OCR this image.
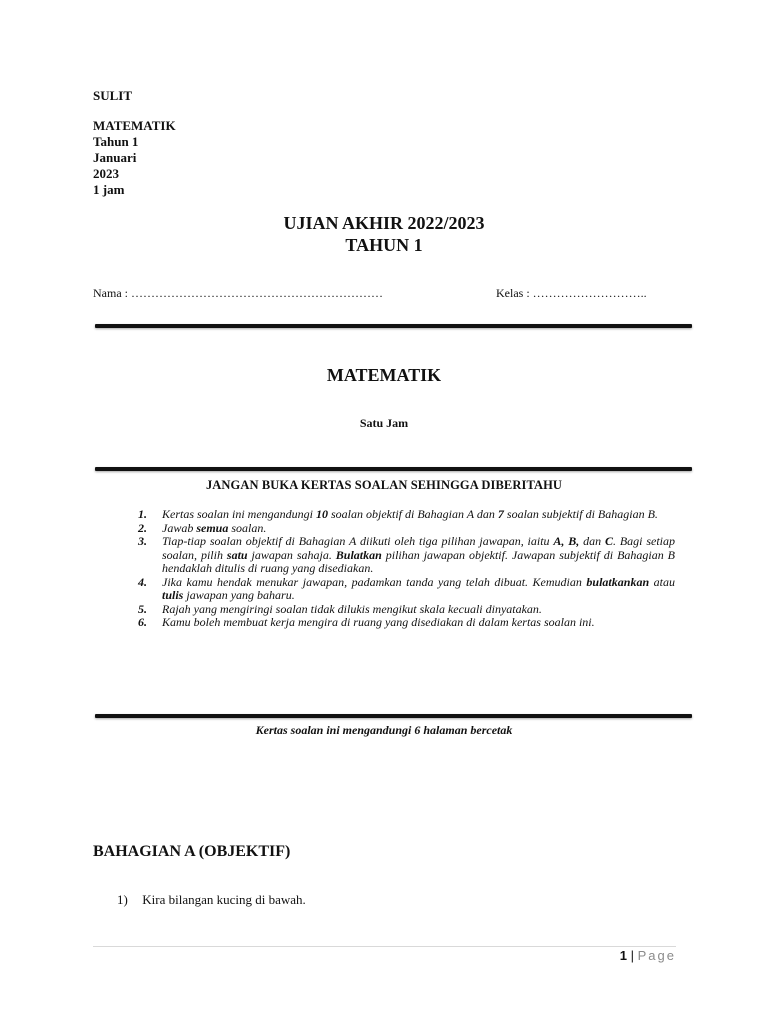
SULIT
MATEMATIK
Tahun 1
Januari
2023
1 jam
UJIAN AKHIR 2022/2023
TAHUN 1
Nama : ………………………………………………………	Kelas : ………………………..
MATEMATIK
Satu Jam
JANGAN BUKA KERTAS SOALAN SEHINGGA DIBERITAHU
1. Kertas soalan ini mengandungi 10 soalan objektif di Bahagian A dan 7 soalan subjektif di Bahagian B.
2. Jawab semua soalan.
3. Tiap-tiap soalan objektif di Bahagian A diikuti oleh tiga pilihan jawapan, iaitu A, B, dan C. Bagi setiap soalan, pilih satu jawapan sahaja. Bulatkan pilihan jawapan objektif. Jawapan subjektif di Bahagian B hendaklah ditulis di ruang yang disediakan.
4. Jika kamu hendak menukar jawapan, padamkan tanda yang telah dibuat. Kemudian bulatkankan atau tulis jawapan yang baharu.
5. Rajah yang mengiringi soalan tidak dilukis mengikut skala kecuali dinyatakan.
6. Kamu boleh membuat kerja mengira di ruang yang disediakan di dalam kertas soalan ini.
Kertas soalan ini mengandungi 6 halaman bercetak
BAHAGIAN A (OBJEKTIF)
1) Kira bilangan kucing di bawah.
1 | Page
